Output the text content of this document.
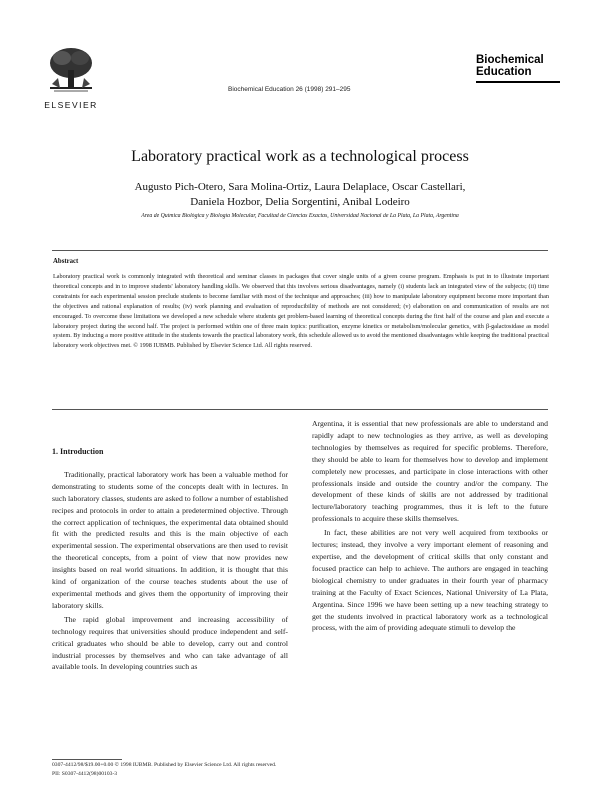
ELSEVIER
Biochemical Education 26 (1998) 291–295
Biochemical
Education
Laboratory practical work as a technological process
Augusto Pich-Otero, Sara Molina-Ortiz, Laura Delaplace, Oscar Castellari,
Daniela Hozbor, Delia Sorgentini, Anibal Lodeiro
Area de Química Biológica y Biología Molecular, Facultad de Ciencias Exactas, Universidad Nacional de La Plata, La Plata, Argentina
Abstract
Laboratory practical work is commonly integrated with theoretical and seminar classes in packages that cover single units of a given course program. Emphasis is put in to illustrate important theoretical concepts and in to improve students' laboratory handling skills. We observed that this involves serious disadvantages, namely (i) students lack an integrated view of the subjects; (ii) time constraints for each experimental session preclude students to become familiar with most of the technique and approaches; (iii) how to manipulate laboratory equipment become more important than the objectives and rational explanation of results; (iv) work planning and evaluation of reproducibility of methods are not considered; (v) elaboration on and communication of results are not encouraged. To overcome these limitations we developed a new schedule where students get problem-based learning of theoretical concepts during the first half of the course and plan and execute a laboratory project during the second half. The project is performed within one of three main topics: purification, enzyme kinetics or metabolism/molecular genetics, with β-galactosidase as model system. By inducing a more positive attitude in the students towards the practical laboratory work, this schedule allowed us to avoid the mentioned disadvantages while keeping the traditional practical laboratory work objectives met. © 1998 IUBMB. Published by Elsevier Science Ltd. All rights reserved.
1. Introduction

Traditionally, practical laboratory work has been a valuable method for demonstrating to students some of the concepts dealt with in lectures. In such laboratory classes, students are asked to follow a number of established recipes and protocols in order to attain a predetermined objective. Through the correct application of techniques, the experimental data obtained should fit with the predicted results and this is the main objective of each experimental session. The experimental observations are then used to revisit the theoretical concepts, from a point of view that now provides new insights based on real world situations. In addition, it is thought that this kind of organization of the course teaches students about the use of experimental methods and gives them the opportunity of improving their laboratory skills.

The rapid global improvement and increasing accessibility of technology requires that universities should produce independent and self-critical graduates who should be able to develop, carry out and control industrial processes by themselves and who can take advantage of all available tools. In developing countries such as

Argentina, it is essential that new professionals are able to understand and rapidly adapt to new technologies as they arrive, as well as developing technologies by themselves as required for specific problems. Therefore, they should be able to learn for themselves how to develop and implement completely new processes, and participate in close interactions with other professionals inside and outside the country and/or the company. The development of these kinds of skills are not addressed by traditional lecture/laboratory teaching programmes, thus it is left to the future professionals to acquire these skills themselves.

In fact, these abilities are not very well acquired from textbooks or lectures; instead, they involve a very important element of reasoning and expertise, and the development of critical skills that only constant and focused practice can help to achieve. The authors are engaged in teaching biological chemistry to under graduates in their fourth year of pharmacy training at the Faculty of Exact Sciences, National University of La Plata, Argentina. Since 1996 we have been setting up a new teaching strategy to get the students involved in practical laboratory work as a technological process, with the aim of providing adequate stimuli to develop the

0307-4412/98/$19.00+0.00 © 1998 IUBMB. Published by Elsevier Science Ltd. All rights reserved.
PII: S0307-4412(98)00103-3
